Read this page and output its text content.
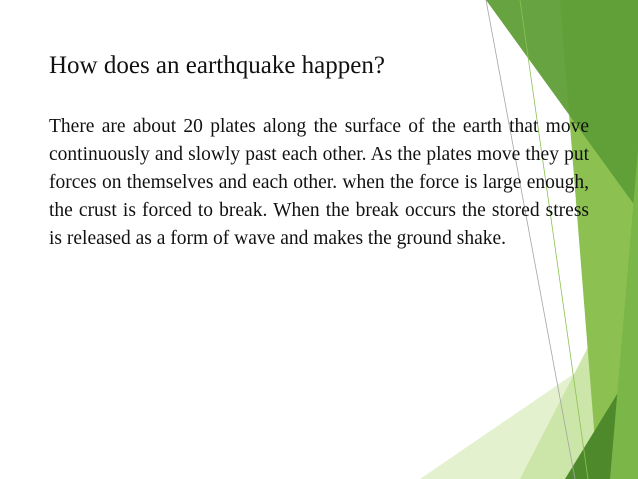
How does an earthquake happen?

There are about 20 plates along the surface of the earth that move continuously and slowly past each other. As the plates move they put forces on themselves and each other. when the force is large enough, the crust is forced to break. When the break occurs the stored stress is released as a form of wave and makes the ground shake.
